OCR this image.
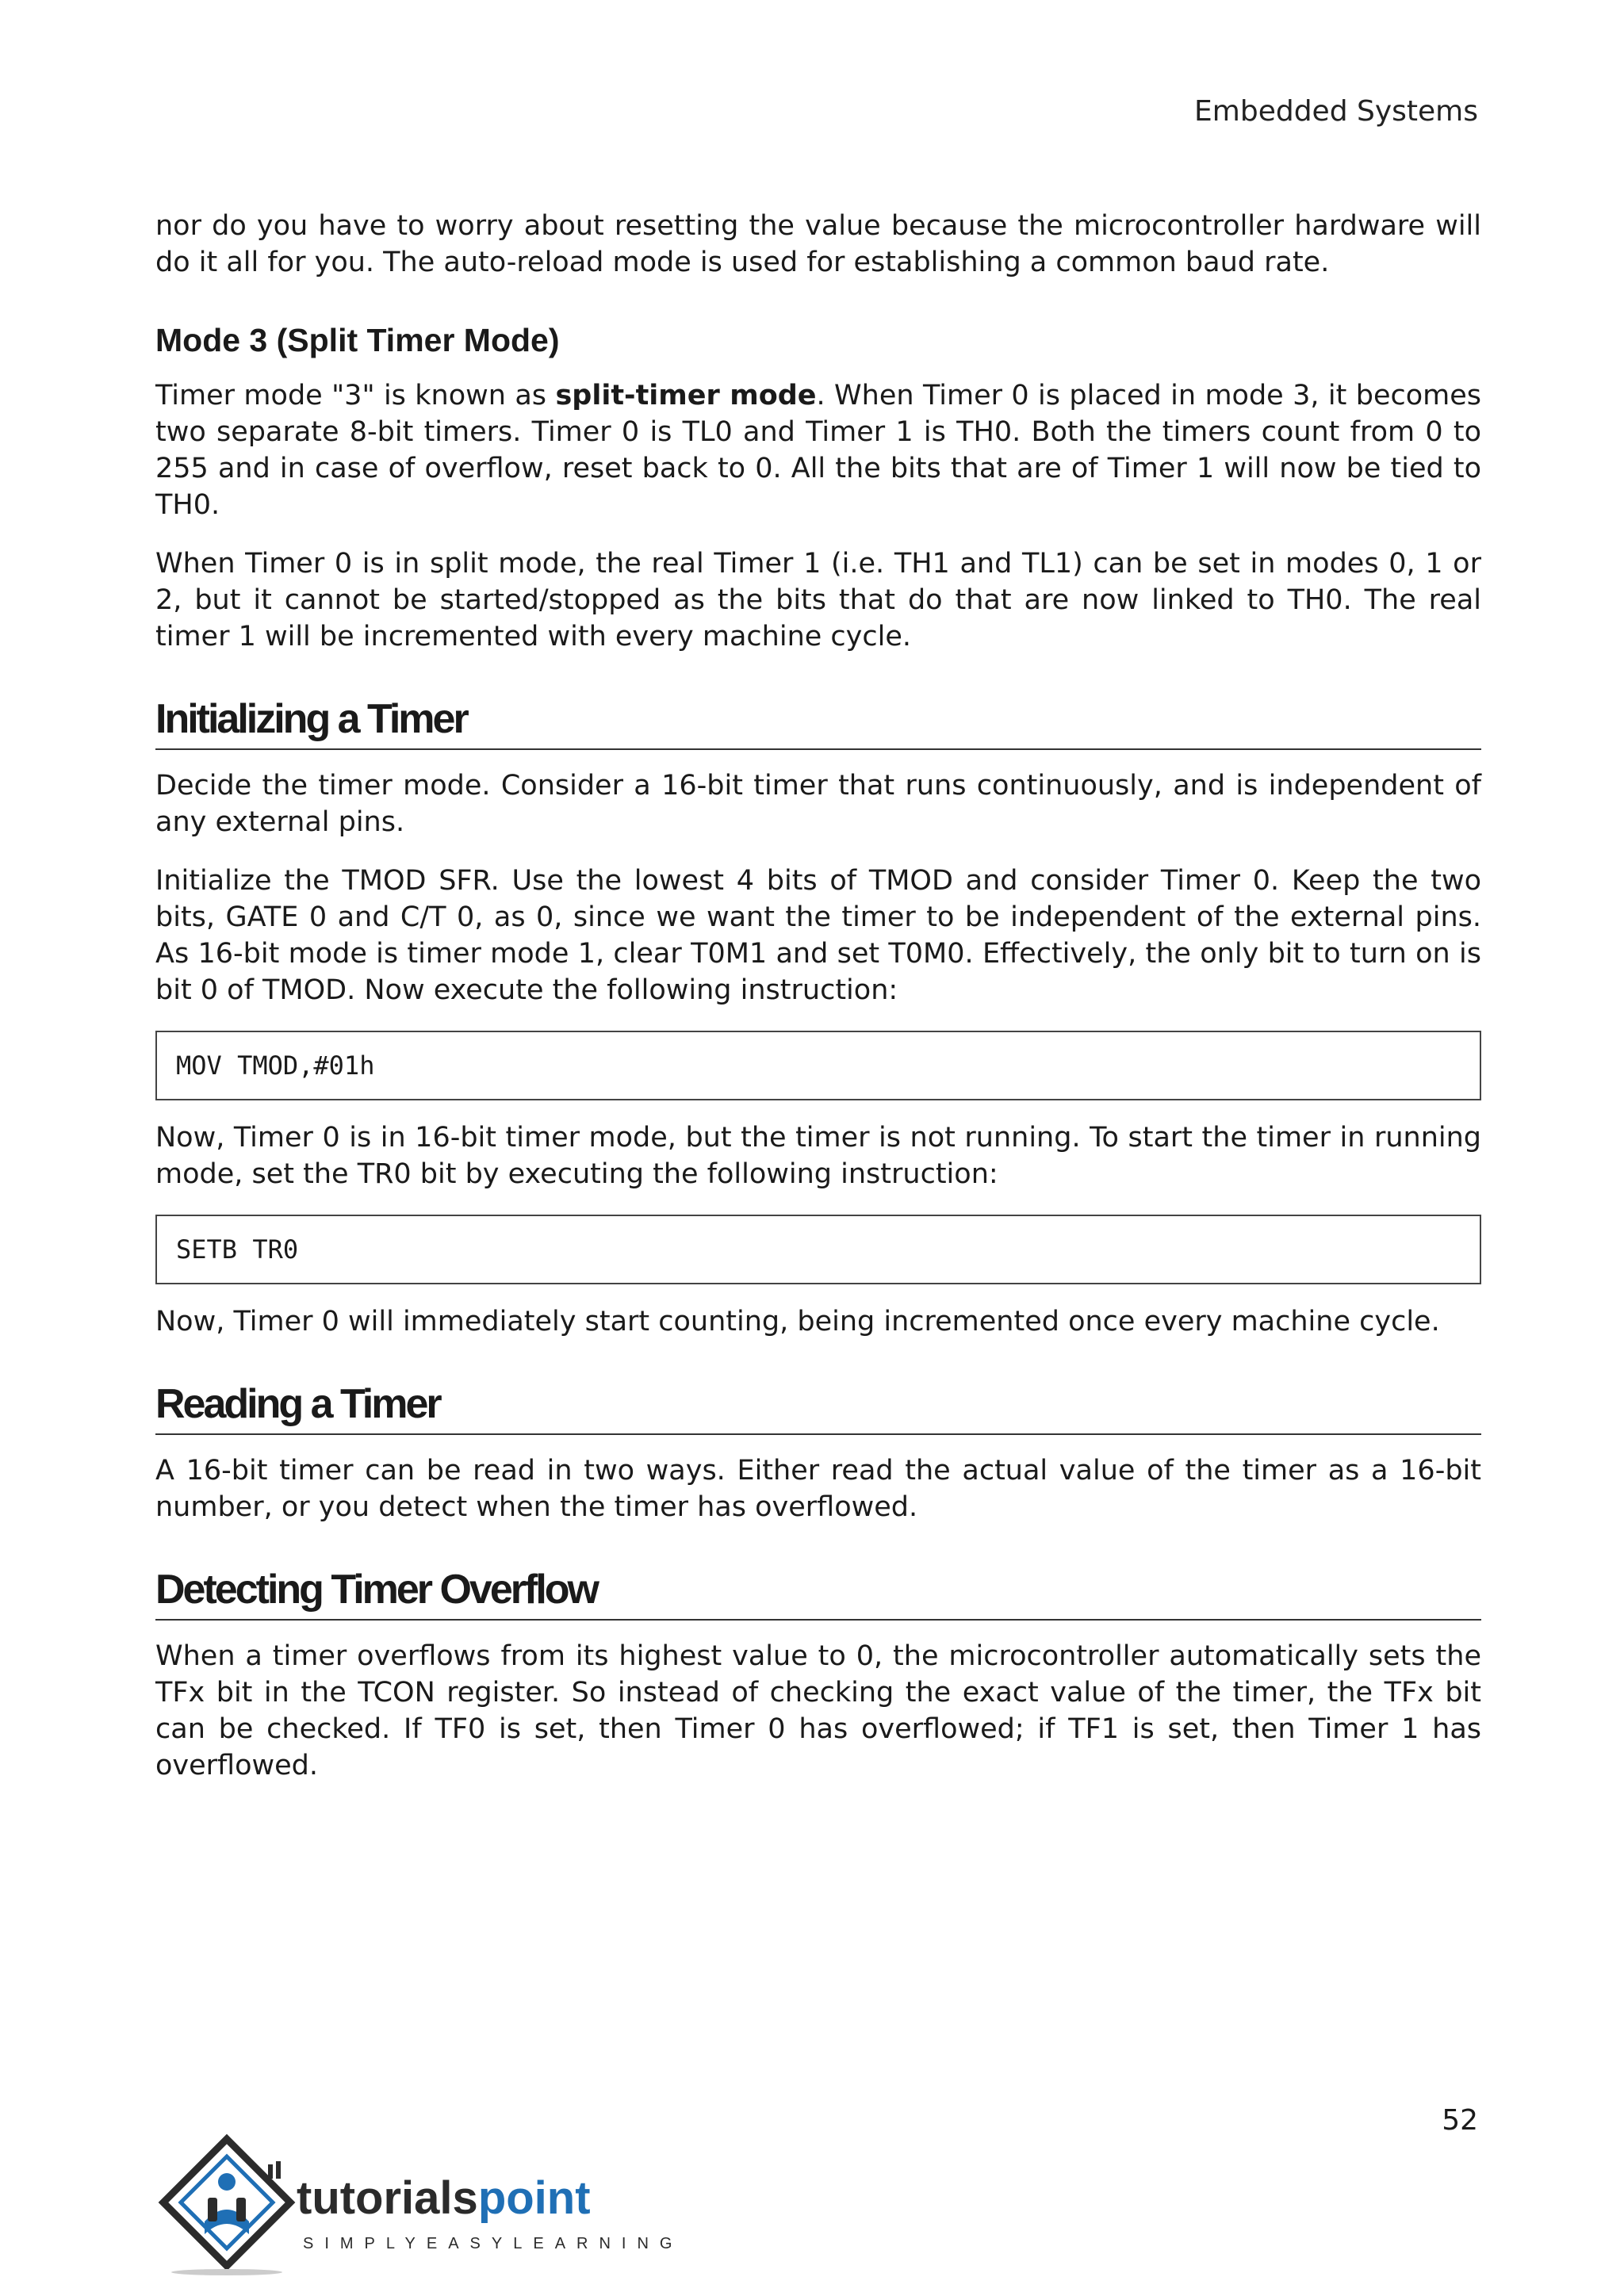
Embedded Systems

nor do you have to worry about resetting the value because the microcontroller hardware will do it all for you. The auto-reload mode is used for establishing a common baud rate.

Mode 3 (Split Timer Mode)

Timer mode "3" is known as split-timer mode. When Timer 0 is placed in mode 3, it becomes two separate 8-bit timers. Timer 0 is TL0 and Timer 1 is TH0. Both the timers count from 0 to 255 and in case of overflow, reset back to 0. All the bits that are of Timer 1 will now be tied to TH0.

When Timer 0 is in split mode, the real Timer 1 (i.e. TH1 and TL1) can be set in modes 0, 1 or 2, but it cannot be started/stopped as the bits that do that are now linked to TH0. The real timer 1 will be incremented with every machine cycle.

Initializing a Timer

Decide the timer mode. Consider a 16-bit timer that runs continuously, and is independent of any external pins.

Initialize the TMOD SFR. Use the lowest 4 bits of TMOD and consider Timer 0. Keep the two bits, GATE 0 and C/T 0, as 0, since we want the timer to be independent of the external pins. As 16-bit mode is timer mode 1, clear T0M1 and set T0M0. Effectively, the only bit to turn on is bit 0 of TMOD. Now execute the following instruction:

MOV TMOD,#01h

Now, Timer 0 is in 16-bit timer mode, but the timer is not running. To start the timer in running mode, set the TR0 bit by executing the following instruction:

SETB TR0

Now, Timer 0 will immediately start counting, being incremented once every machine cycle.

Reading a Timer

A 16-bit timer can be read in two ways. Either read the actual value of the timer as a 16-bit number, or you detect when the timer has overflowed.

Detecting Timer Overflow

When a timer overflows from its highest value to 0, the microcontroller automatically sets the TFx bit in the TCON register. So instead of checking the exact value of the timer, the TFx bit can be checked. If TF0 is set, then Timer 0 has overflowed; if TF1 is set, then Timer 1 has overflowed.

52
tutorialspoint
SIMPLYEASYLEARNING
